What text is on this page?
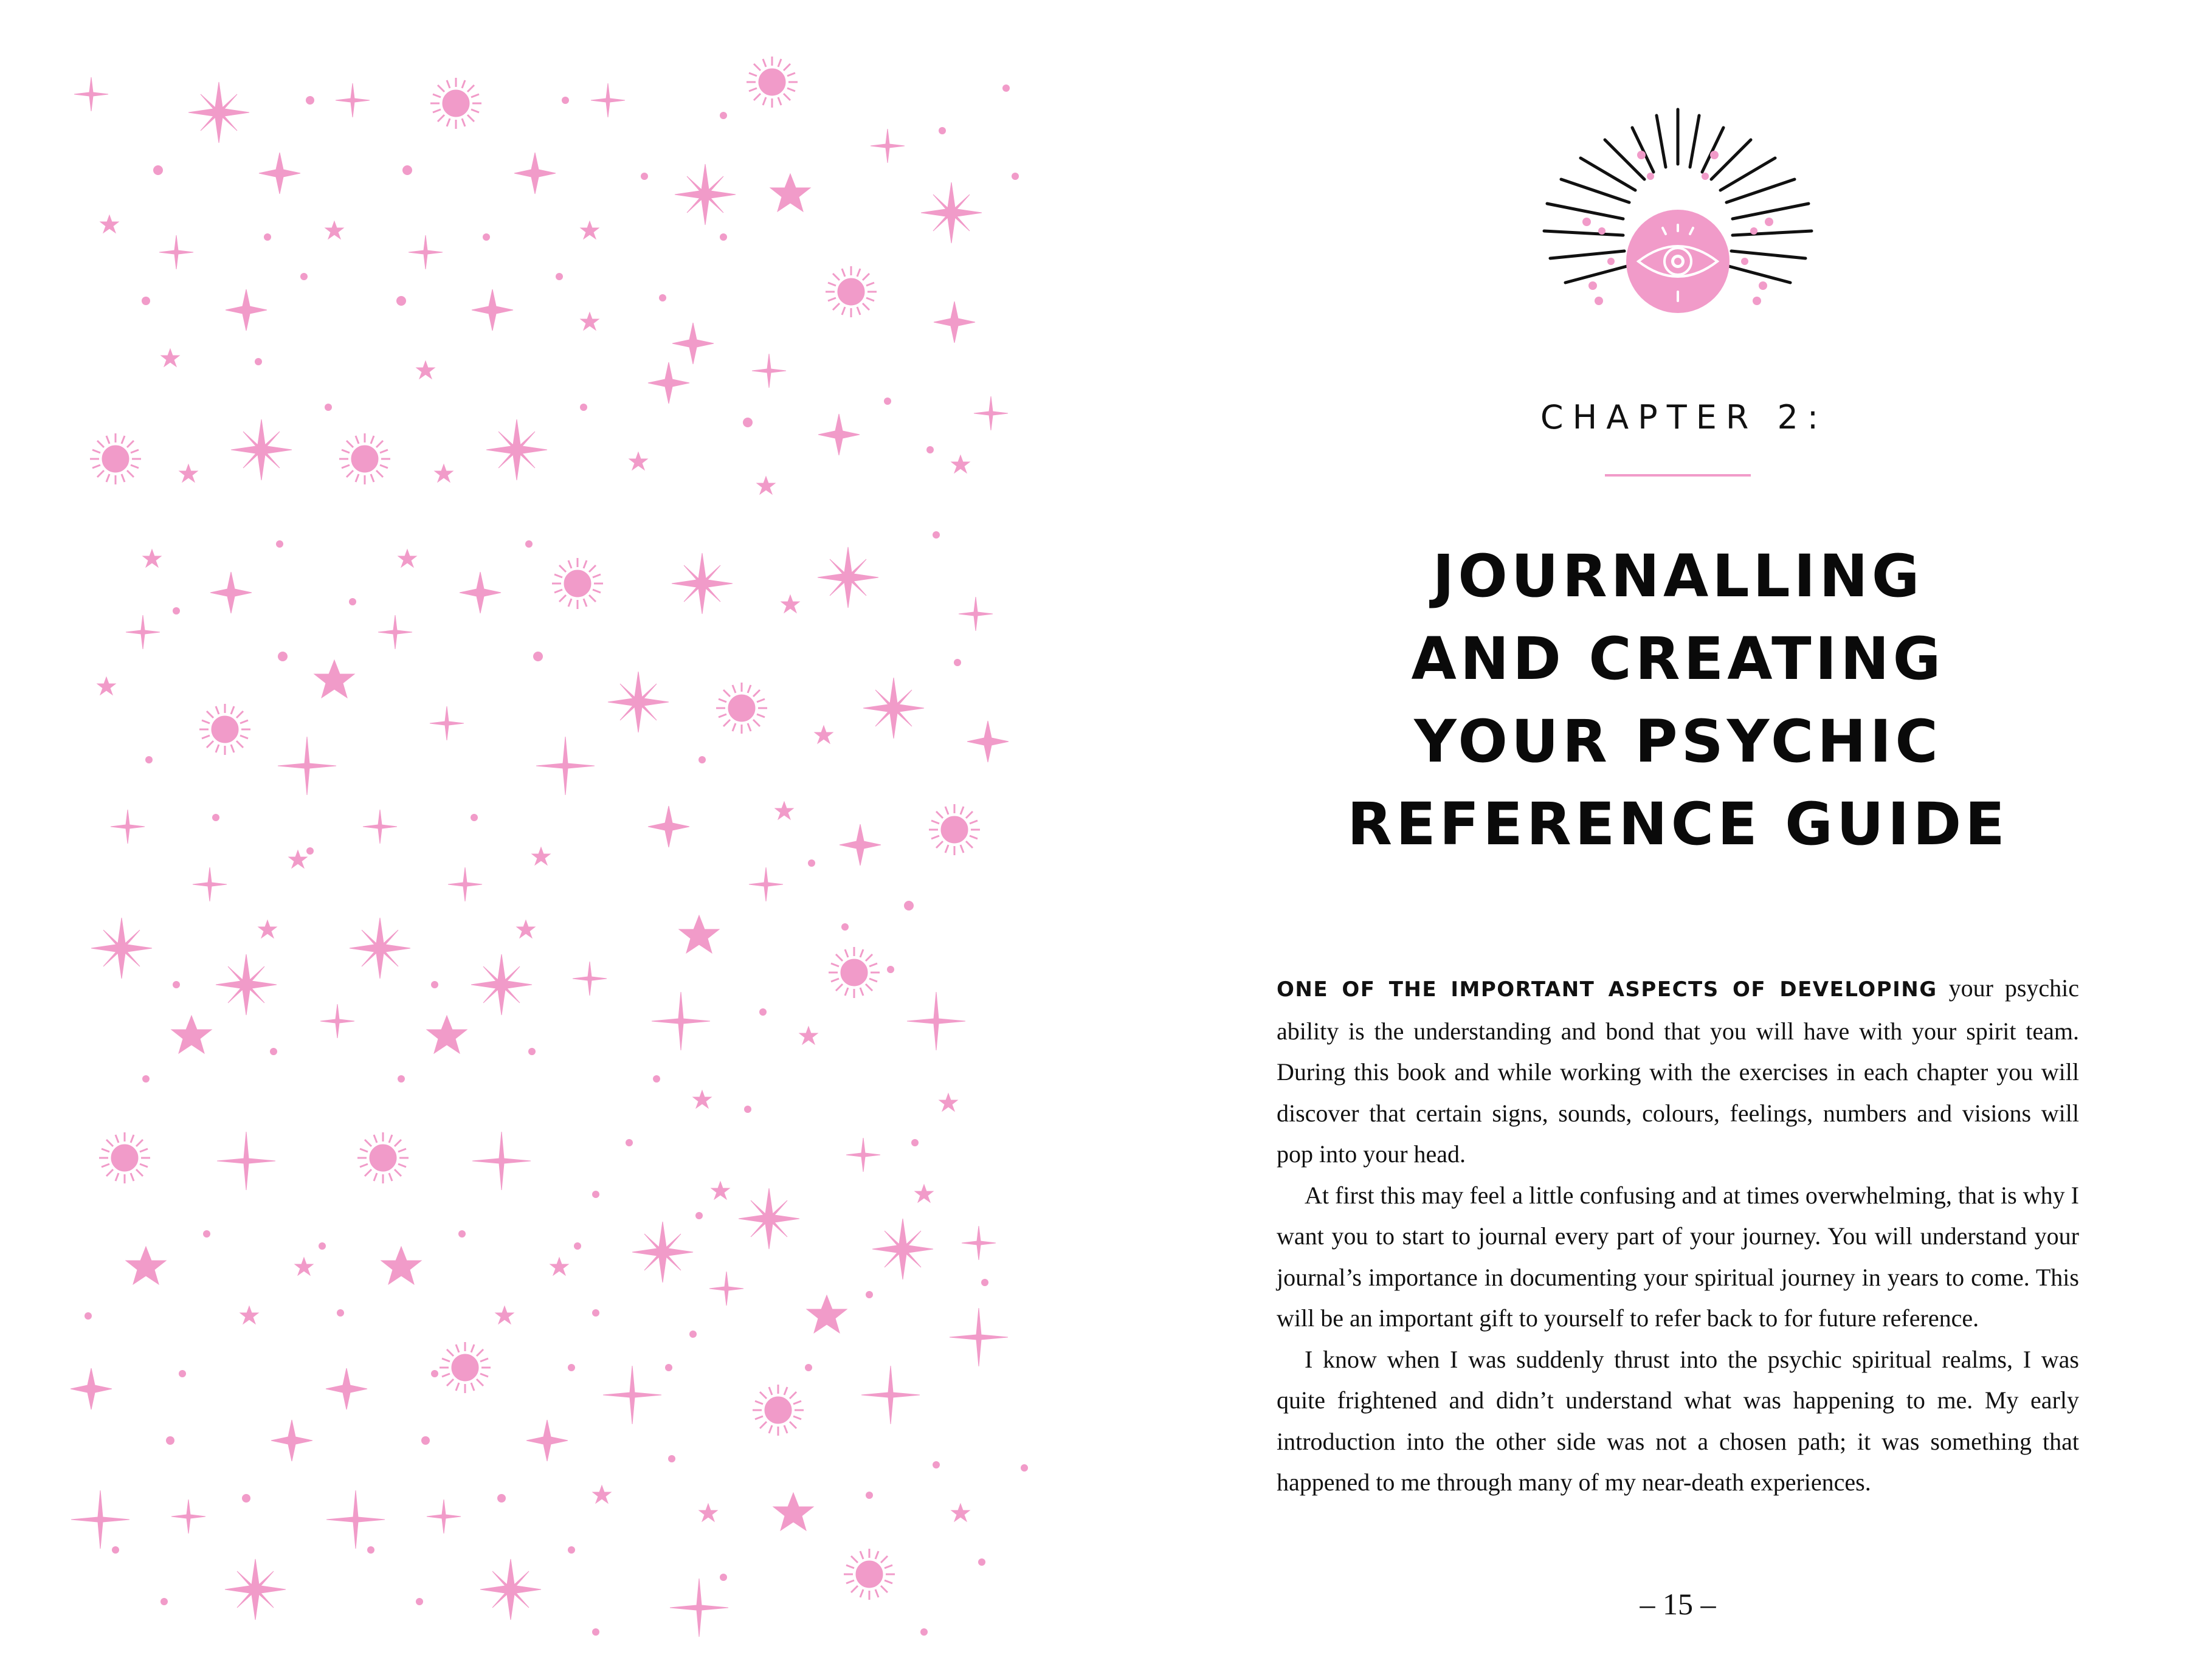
CHAPTER 2:
JOURNALLING
AND CREATING
YOUR PSYCHIC
REFERENCE GUIDE

ONE OF THE IMPORTANT ASPECTS OF DEVELOPING your psychic ability is the understanding and bond that you will have with your spirit team. During this book and while working with the exercises in each chapter you will discover that certain signs, sounds, colours, feelings, numbers and visions will pop into your head.

At first this may feel a little confusing and at times overwhelming, that is why I want you to start to journal every part of your journey. You will understand your journal’s importance in documenting your spiritual journey in years to come. This will be an important gift to yourself to refer back to for future reference.

I know when I was suddenly thrust into the psychic spiritual realms, I was quite frightened and didn’t understand what was happening to me. My early introduction into the other side was not a chosen path; it was something that happened to me through many of my near-death experiences.

– 15 –
